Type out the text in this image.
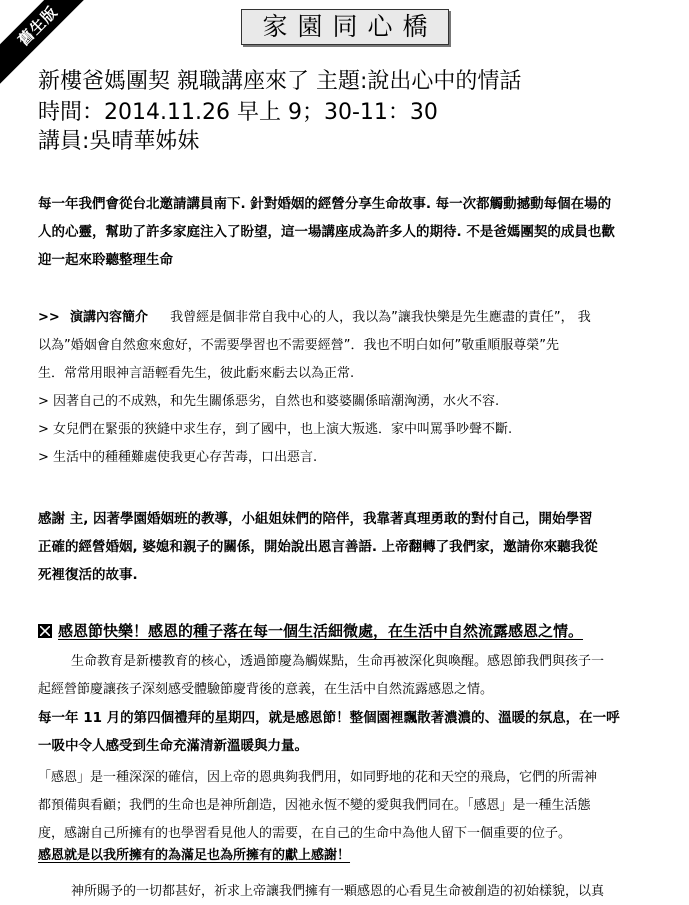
舊生版	家園同心橋
新樓爸媽團契 親職講座來了 主題:說出心中的情話
時間：2014.11.26 早上 9；30-11：30
講員:吳晴華姊妹
每一年我們會從台北邀請講員南下. 針對婚姻的經營分享生命故事. 每一次都觸動撼動每個在場的
人的心靈，幫助了許多家庭注入了盼望，這一場講座成為許多人的期待. 不是爸媽團契的成員也歡
迎一起來聆聽整理生命
>> 演講內容簡介 我曾經是個非常自我中心的人，我以為”讓我快樂是先生應盡的責任”， 我
以為”婚姻會自然愈來愈好，不需要學習也不需要經營”．我也不明白如何”敬重順服尊榮”先
生．常常用眼神言語輕看先生，彼此虧來虧去以為正常.
> 因著自己的不成熟，和先生關係惡劣，自然也和婆婆關係暗潮洶湧，水火不容.
> 女兒們在緊張的狹縫中求生存，到了國中，也上演大叛逃．家中叫罵爭吵聲不斷.
> 生活中的種種難處使我更心存苦毒，口出惡言.
感謝 主, 因著學園婚姻班的教導，小組姐妹們的陪伴，我靠著真理勇敢的對付自己，開始學習
正確的經營婚姻, 婆媳和親子的關係，開始說出恩言善語. 上帝翻轉了我們家，邀請你來聽我從
死裡復活的故事.
感恩節快樂！感恩的種子落在每一個生活細微處，在生活中自然流露感恩之情。
生命教育是新樓教育的核心，透過節慶為觸媒點，生命再被深化與喚醒。感恩節我們與孩子一
起經營節慶讓孩子深刻感受體驗節慶背後的意義，在生活中自然流露感恩之情。
每一年 11 月的第四個禮拜的星期四，就是感恩節！整個園裡飄散著濃濃的、溫暖的氛息，在一呼
一吸中令人感受到生命充滿清新溫暖與力量。
「感恩」是一種深深的確信，因上帝的恩典夠我們用，如同野地的花和天空的飛鳥，它們的所需神
都預備與看顧；我們的生命也是神所創造，因祂永恆不變的愛與我們同在。「感恩」是一種生活態
度，感謝自己所擁有的也學習看見他人的需要，在自己的生命中為他人留下一個重要的位子。
感恩就是以我所擁有的為滿足也為所擁有的獻上感謝！
神所賜予的一切都甚好，祈求上帝讓我們擁有一顆感恩的心看見生命被創造的初始樣貌，以真
